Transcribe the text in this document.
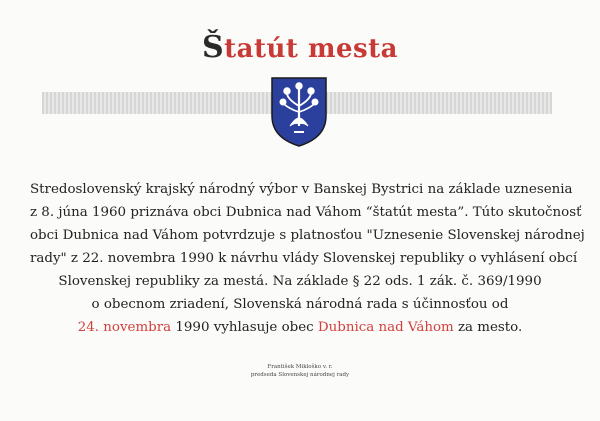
Štatút mesta
Stredoslovenský krajský národný výbor v Banskej Bystrici na základe uznesenia
z 8. júna 1960 priznáva obci Dubnica nad Váhom “štatút mesta”. Túto skutočnosť
obci Dubnica nad Váhom potvrdzuje s platnosťou "Uznesenie Slovenskej národnej
rady" z 22. novembra 1990 k návrhu vlády Slovenskej republiky o vyhlásení obcí
Slovenskej republiky za mestá. Na základe § 22 ods. 1 zák. č. 369/1990
o obecnom zriadení, Slovenská národná rada s účinnosťou od
24. novembra 1990 vyhlasuje obec Dubnica nad Váhom za mesto.
František Mikloško v. r.
predseda Slovenskej národnej rady
